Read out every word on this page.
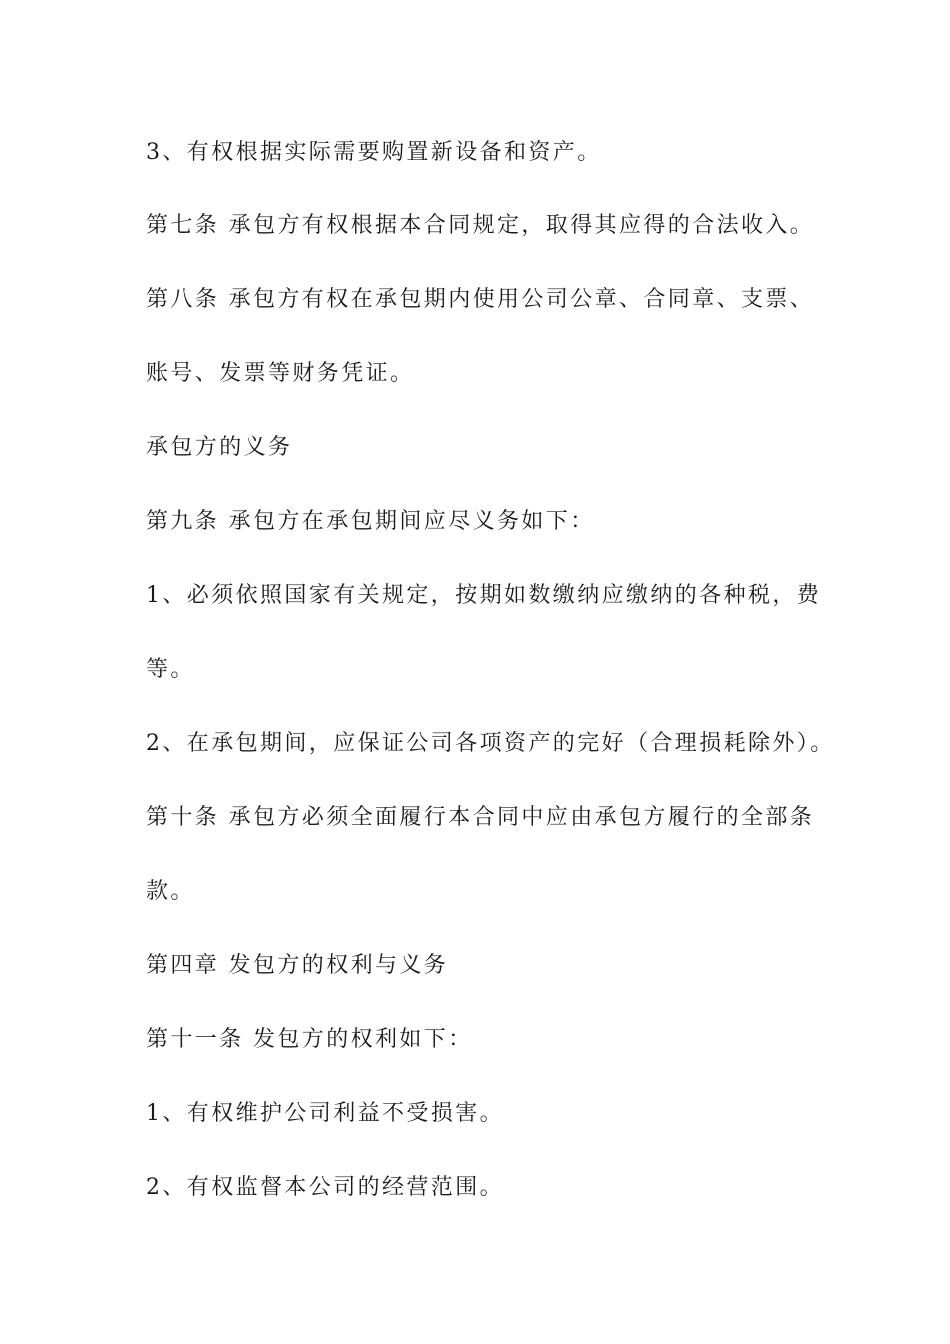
3、有权根据实际需要购置新设备和资产。
第七条 承包方有权根据本合同规定，取得其应得的合法收入。
第八条 承包方有权在承包期内使用公司公章、合同章、支票、
账号、发票等财务凭证。
承包方的义务
第九条 承包方在承包期间应尽义务如下：
1、必须依照国家有关规定，按期如数缴纳应缴纳的各种税，费
等。
2、在承包期间，应保证公司各项资产的完好（合理损耗除外）。
第十条 承包方必须全面履行本合同中应由承包方履行的全部条
款。
第四章 发包方的权利与义务
第十一条 发包方的权利如下：
1、有权维护公司利益不受损害。
2、有权监督本公司的经营范围。
